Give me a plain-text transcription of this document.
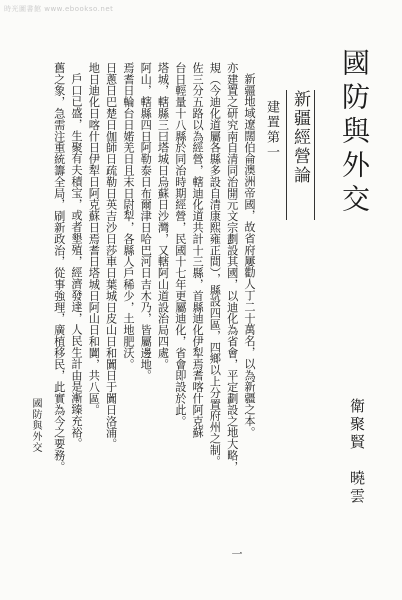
時光圖書館 www.ebookso.net
國防與外交
衛聚賢　曉雲
新疆經營論
建置第一

新疆地域遼闊伯侖澳洲帝國，故省府屢勸人丁二十萬名，以為新疆之本。

亦建置之研究南自清同治開元文宗劃設其國，以迪化為省會，平定劃設之地大略，

規（今迪化道屬各縣多設自清康熙雍正間），縣設四區，四鄉以上分置府州之制。

佐三分五路以為經營，轄迪化道共計十三縣，首縣迪化伊犁焉耆喀什阿克蘇

台日輕量十八縣於同治時期經營，民國十七年更屬迪化，省會即設於此。

塔城，轄縣三曰塔城日烏蘇日沙灣，又轄阿山道設治局四處。

阿山，轄縣四日阿勒泰日布爾津日哈巴河日吉木乃，皆屬邊地。

焉耆日輪台日婼羌日且末日尉犁，各縣人戶稀少，土地肥沃。

日蔥日巴楚日伽師日疏勒日英吉沙日莎車日葉城日皮山日和闐日于闐日洛浦。

地日迪化日喀什日伊犁日阿克蘇日焉耆日塔城日阿山日和闐，共八區。

戶口已盛，生聚有夫積宝，或者墾殖，經濟發達，人民生計由是漸臻充裕。

舊之象，急需注重統籌全局，刷新政治，從事強理，廣植移民，此實為今之要務。

國防與外交
一
